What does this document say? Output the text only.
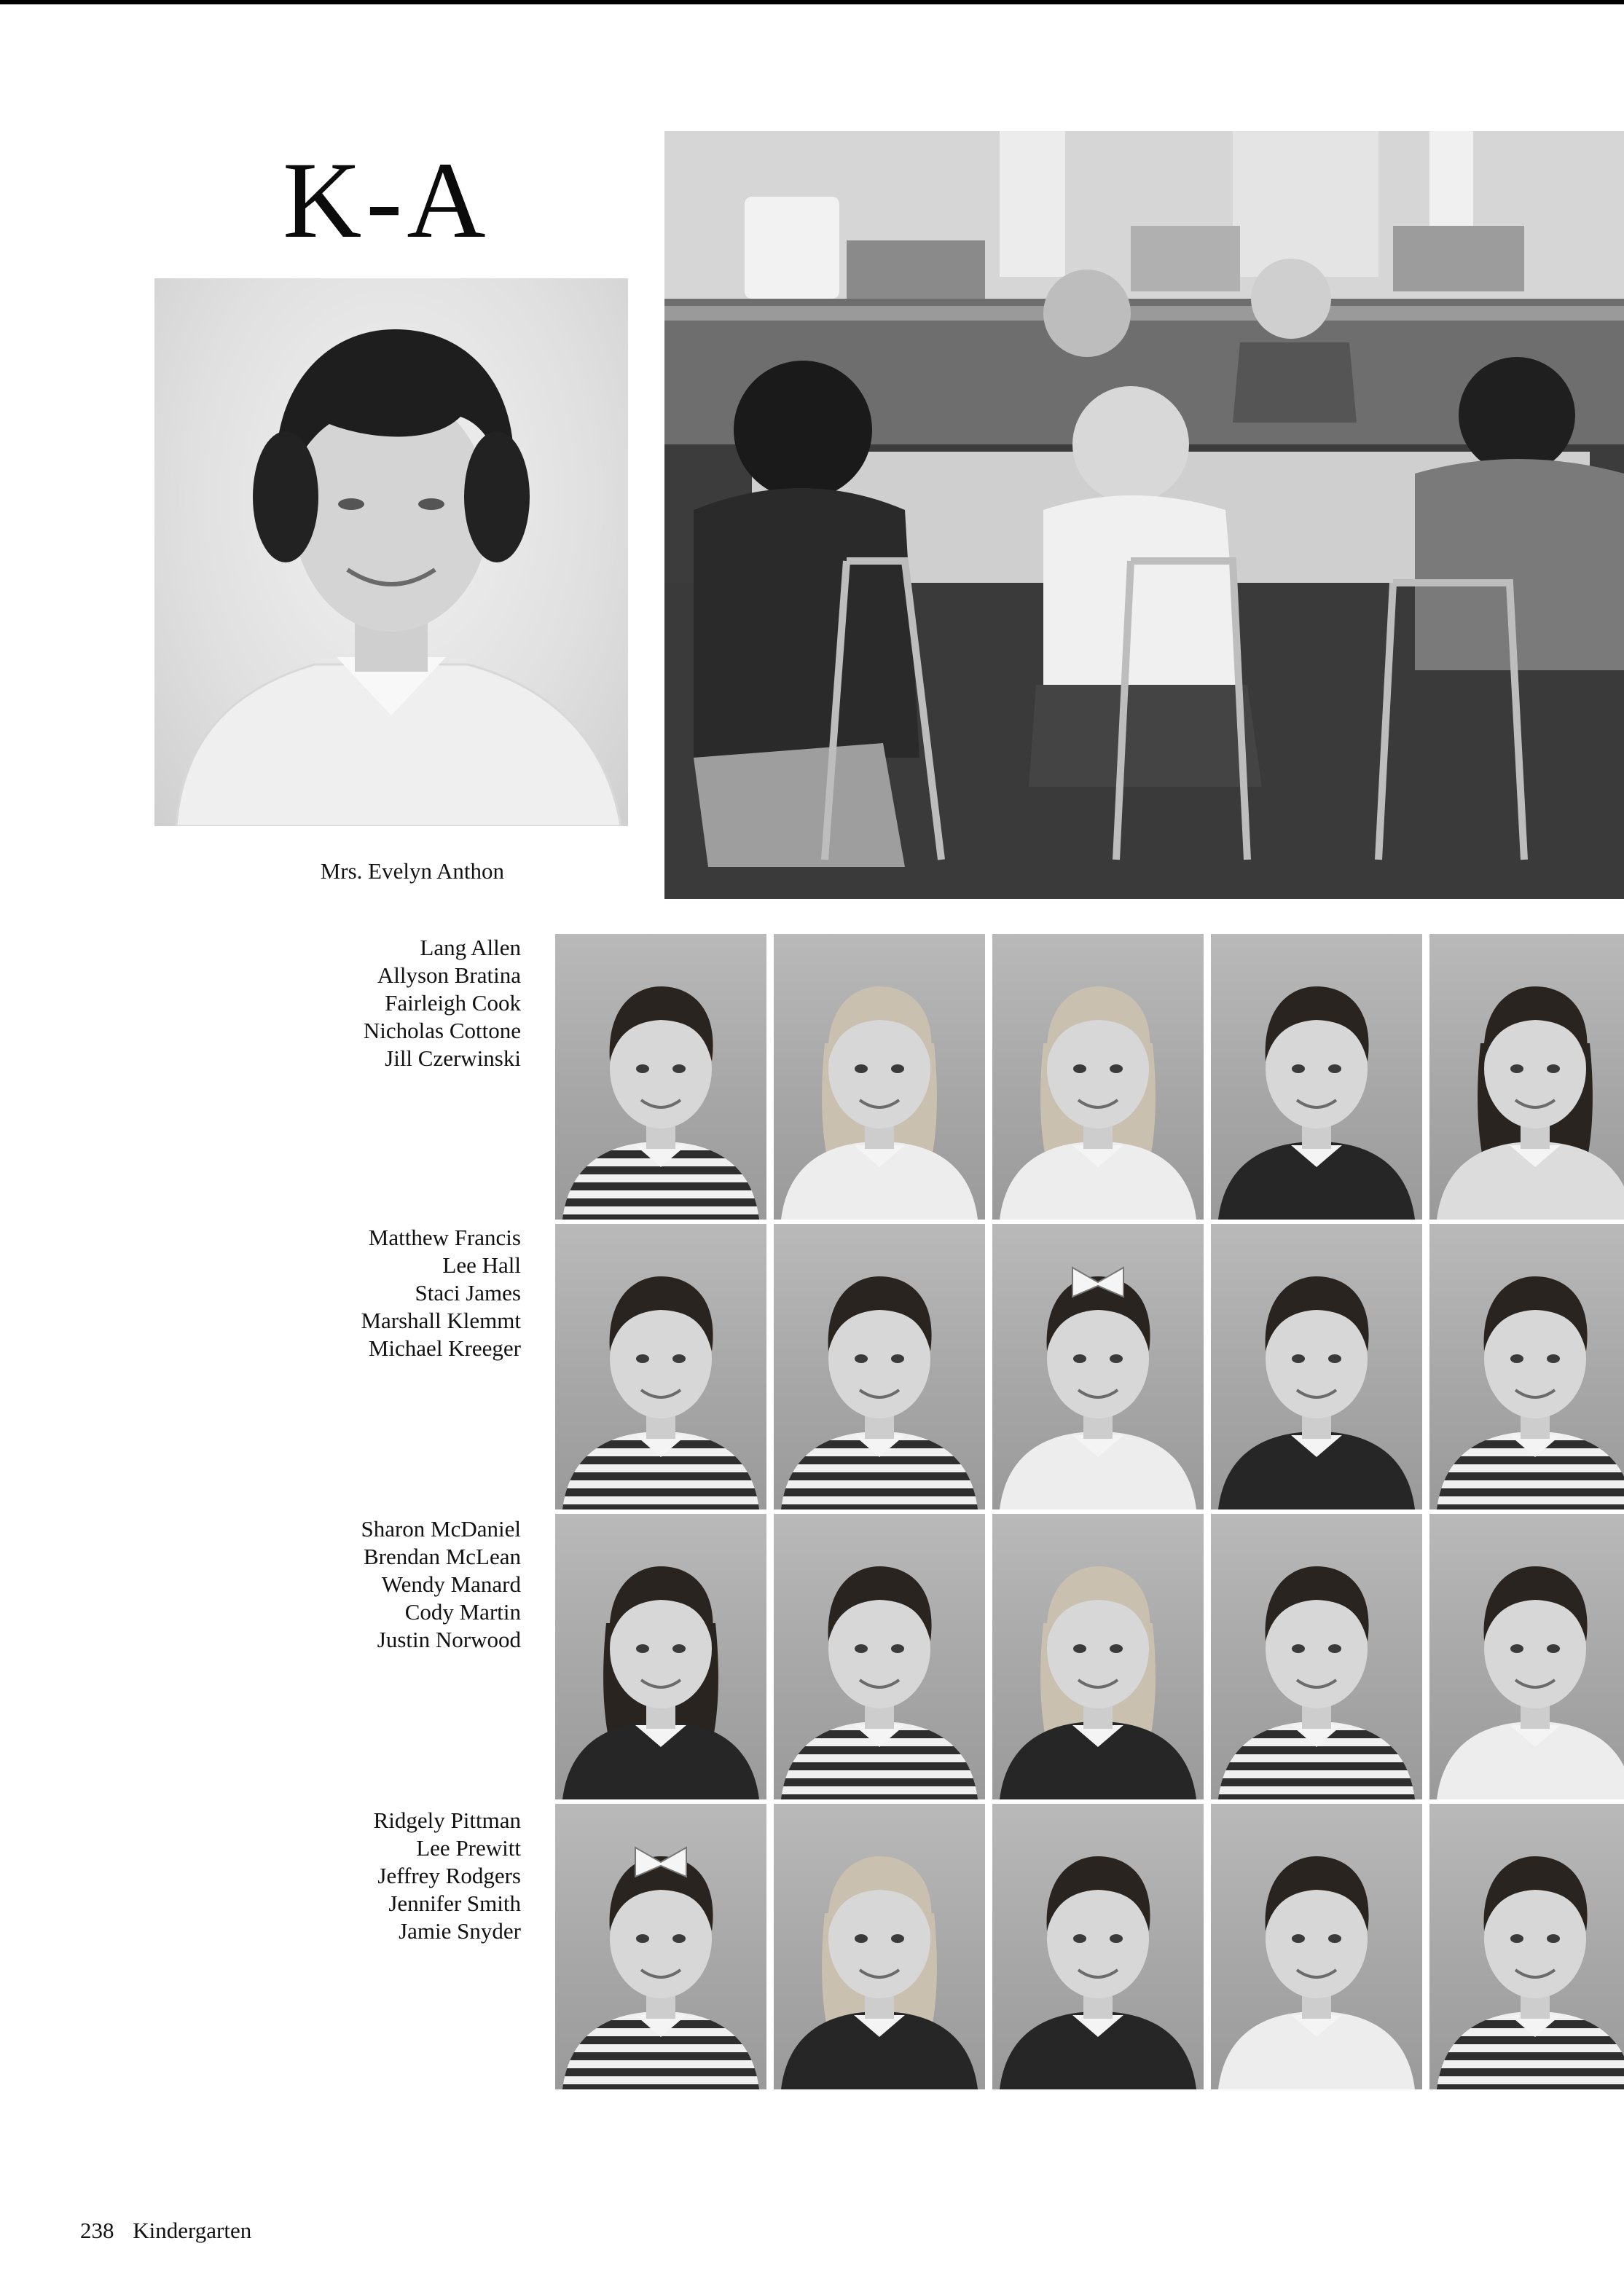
K-A
Mrs. Evelyn Anthon
Lang Allen
Allyson Bratina
Fairleigh Cook
Nicholas Cottone
Jill Czerwinski
Matthew Francis
Lee Hall
Staci James
Marshall Klemmt
Michael Kreeger
Sharon McDaniel
Brendan McLean
Wendy Manard
Cody Martin
Justin Norwood
Ridgely Pittman
Lee Prewitt
Jeffrey Rodgers
Jennifer Smith
Jamie Snyder
238 Kindergarten
